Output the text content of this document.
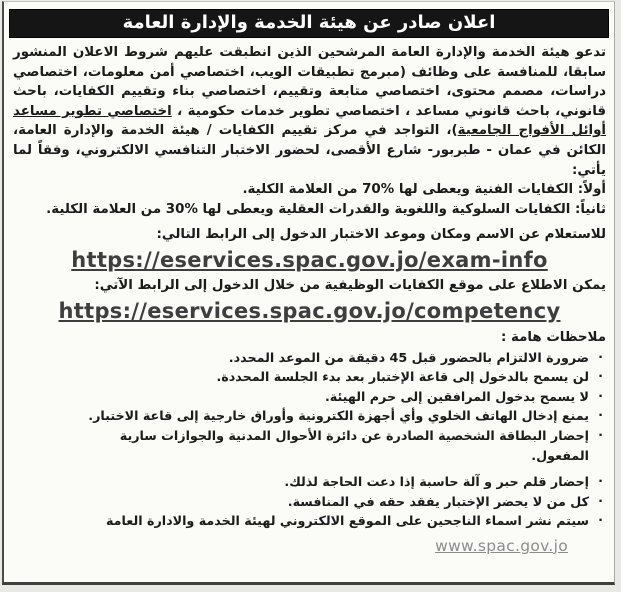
اعلان صادر عن هيئة الخدمة والإدارة العامة

تدعو هيئة الخدمة والإدارة العامة المرشحين الذين انطبقت عليهم شروط الاعلان المنشور سابقا، للمنافسة على وظائف (مبرمج تطبيقات الويب، اختصاصي أمن معلومات، اختصاصي دراسات، مصمم محتوى، اختصاصي متابعة وتقييم، اختصاصي بناء وتقييم الكفايات، باحث قانوني، باحث قانوني مساعد ، اختصاصي تطوير خدمات حكومية ، اختصاصي تطوير مساعد أوائل الأفواج الجامعية)، التواجد في مركز تقييم الكفايات / هيئة الخدمة والإدارة العامة، الكائن في عمان - طبربور- شارع الأقصى، لحضور الاختبار التنافسي الالكتروني، وفقاً لما يأتي:

أولاً: الكفايات الفنية ويعطى لها %70 من العلامة الكلية.
ثانياً: الكفايات السلوكية واللغوية والقدرات العقلية ويعطى لها %30 من العلامة الكلية.
للاستعلام عن الاسم ومكان وموعد الاختبار الدخول إلى الرابط التالي:
https://eservices.spac.gov.jo/exam-info
يمكن الاطلاع على موقع الكفايات الوظيفية من خلال الدخول إلى الرابط الآتي:
https://eservices.spac.gov.jo/competency
ملاحظات هامة :
·
ضرورة الالتزام بالحضور قبل 45 دقيقة من الموعد المحدد.
·
لن يسمح بالدخول إلى قاعة الإختبار بعد بدء الجلسة المحددة.
·
لا يسمح بدخول المرافقين إلى حرم الهيئة.
·
يمنع إدخال الهاتف الخلوي وأي أجهزة الكترونية وأوراق خارجية إلى قاعة الاختبار.
·
إحضار البطاقة الشخصية الصادرة عن دائرة الأحوال المدنية والجوازات سارية المفعول.
·
إحضار قلم حبر و آلة حاسبة إذا دعت الحاجة لذلك.
·
كل من لا يحضر الإختبار يفقد حقه في المنافسة.
·
سيتم نشر اسماء الناجحين على الموقع الالكتروني لهيئة الخدمة والادارة العامة
www.spac.gov.jo
